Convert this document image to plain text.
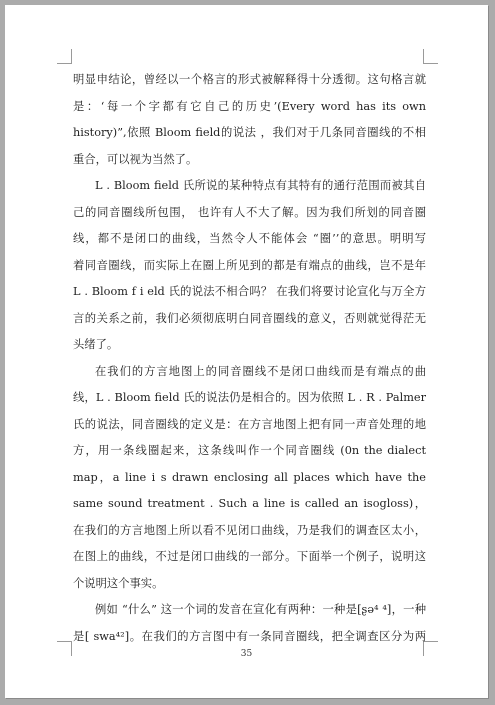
明显申结论，曾经以一个格言的形式被解释得十分透彻。这句格言就
是：‘每一个字都有它自己的历史’(Every word has its own
history)”,依照 Bloom field的说法 ，我们对于几条同音圈线的不相
重合，可以视为当然了。
L . Bloom field 氏所说的某种特点有其特有的通行范围而被其自
己的同音圈线所包围， 也许有人不大了解。因为我们所划的同音圈
线，都不是闭口的曲线，当然令人不能体会 “圈’’的意思。明明写
着同音圈线，而实际上在圈上所见到的都是有端点的曲线，岂不是年
L . Bloom f i eld 氏的说法不相合吗？ 在我们将要讨论宣化与万全方
言的关系之前，我们必须彻底明白同音圈线的意义，否则就觉得茫无
头绪了。
在我们的方言地图上的同音圈线不是闭口曲线而是有端点的曲
线，L . Bloom field 氏的说法仍是相合的。因为依照 L . R . Palmer
氏的说法，同音圈线的定义是：在方言地图上把有同一声音处理的地
方，用一条线圈起来，这条线叫作一个同音圈线 (0n the dialect
map，a line i s drawn enclosing all places which have the
same sound treatment . Such a line is called an isogloss)，
在我们的方言地图上所以看不见闭口曲线，乃是我们的调查区太小，
在图上的曲线，不过是闭口曲线的一部分。下面举一个例子，说明这
个说明这个事实。
例如 “什么” 这一个词的发音在宣化有两种：一种是[ʂə⁴ ⁴]，一种
是[ swa⁴²]。在我们的方言图中有一条同音圈线，把全调查区分为两
35
